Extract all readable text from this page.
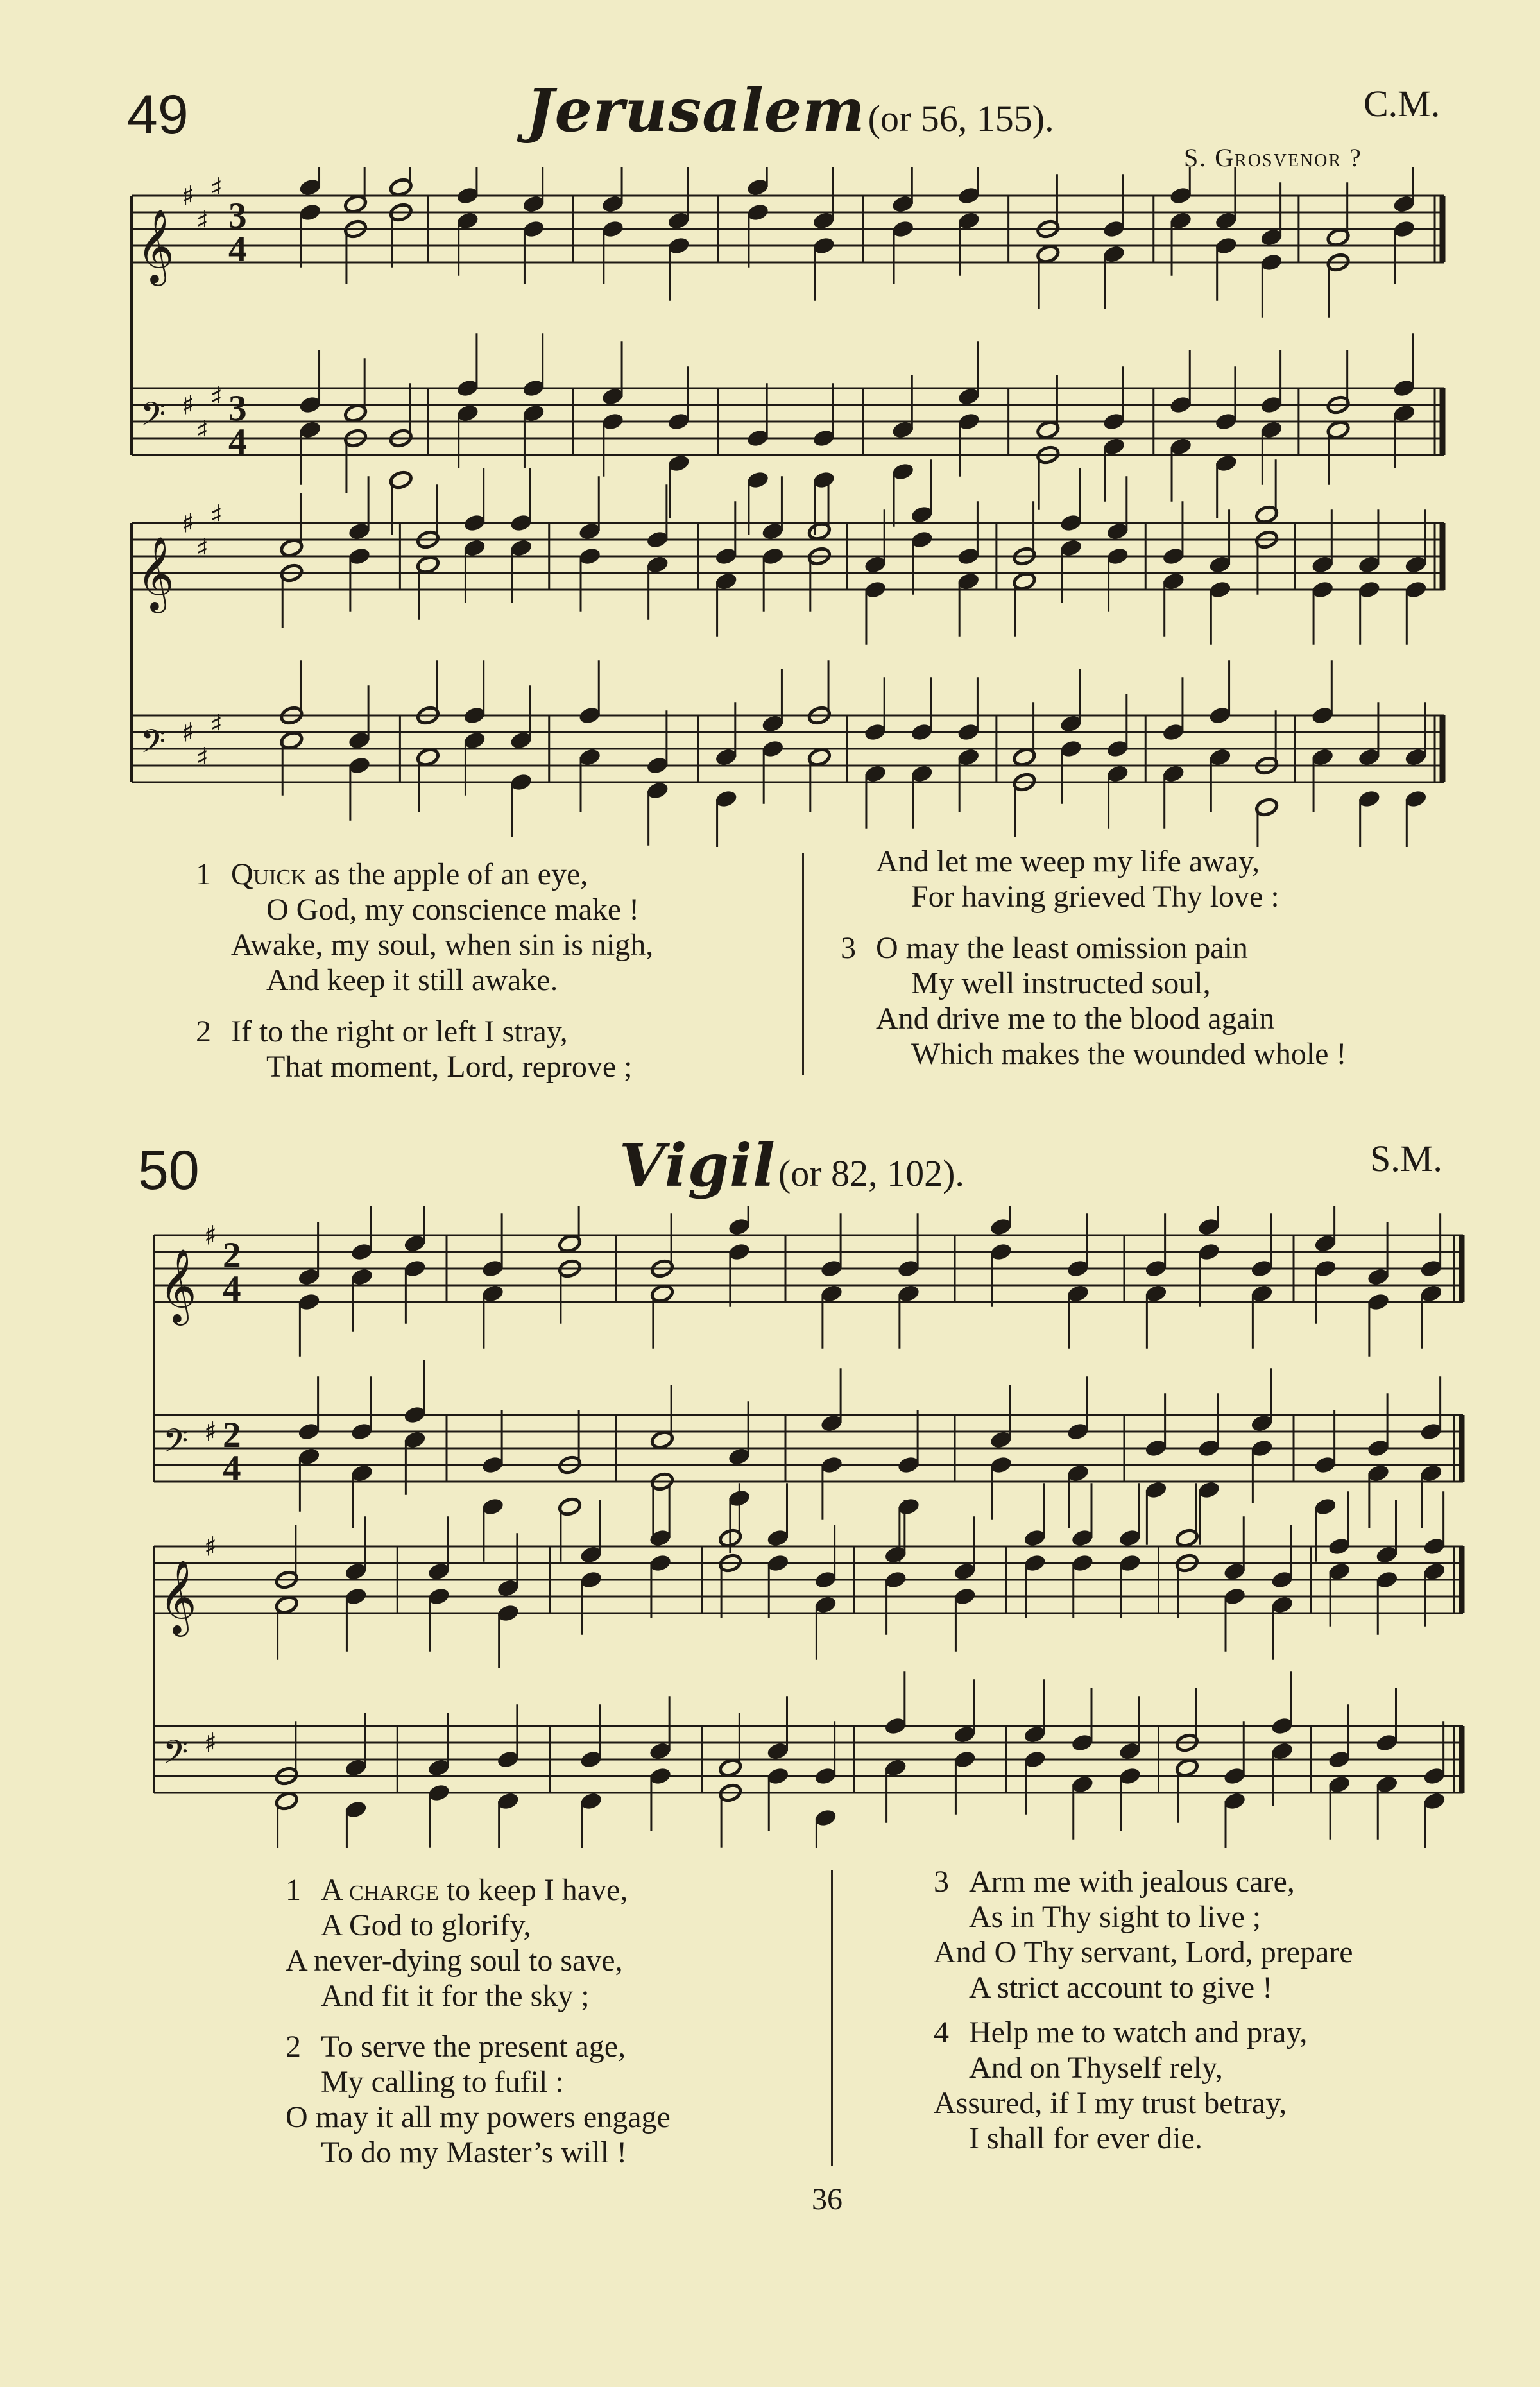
49	Jerusalem (or 56, 155).	C.M.
S. Grosvenor ?
𝄞
𝄢
♯
♯
♯
♯
♯
♯
3
4
3
4
𝄞
𝄢
♯
♯
♯
♯
♯
♯
1 Quick as the apple of an eye,
O God, my conscience make !
Awake, my soul, when sin is nigh,
And keep it still awake.
2 If to the right or left I stray,
That moment, Lord, reprove ;
And let me weep my life away,
For having grieved Thy love :
3 O may the least omission pain
My well instructed soul,
And drive me to the blood again
Which makes the wounded whole !
50	Vigil (or 82, 102).	S.M.
𝄞
𝄢
♯
♯
2
4
2
4
𝄞
𝄢
♯
♯
1 A charge to keep I have,
A God to glorify,
A never-dying soul to save,
And fit it for the sky ;
2 To serve the present age,
My calling to fufil :
O may it all my powers engage
To do my Master’s will !
3 Arm me with jealous care,
As in Thy sight to live ;
And O Thy servant, Lord, prepare
A strict account to give !
4 Help me to watch and pray,
And on Thyself rely,
Assured, if I my trust betray,
I shall for ever die.
36
